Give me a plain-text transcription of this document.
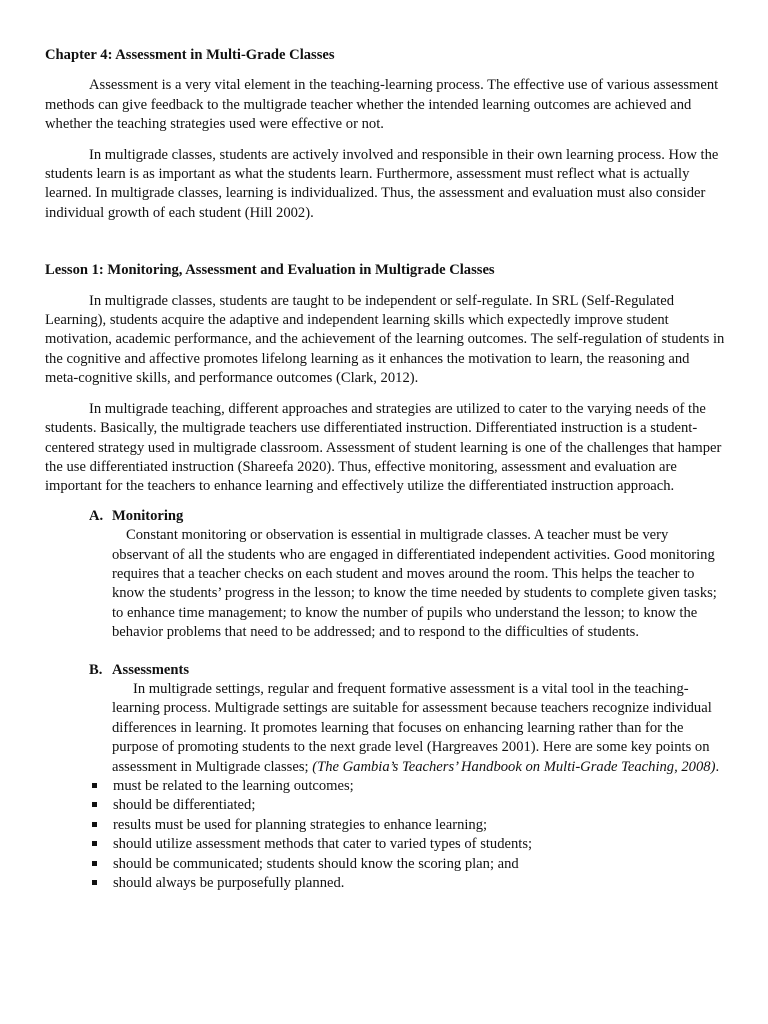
Chapter 4: Assessment in Multi-Grade Classes

Assessment is a very vital element in the teaching-learning process. The effective use of various assessment methods can give feedback to the multigrade teacher whether the intended learning outcomes are achieved and whether the teaching strategies used were effective or not.

In multigrade classes, students are actively involved and responsible in their own learning process. How the students learn is as important as what the students learn. Furthermore, assessment must reflect what is actually learned. In multigrade classes, learning is individualized. Thus, the assessment and evaluation must also consider individual growth of each student (Hill 2002).

Lesson 1: Monitoring, Assessment and Evaluation in Multigrade Classes

In multigrade classes, students are taught to be independent or self-regulate. In SRL (Self-Regulated Learning), students acquire the adaptive and independent learning skills which expectedly improve student motivation, academic performance, and the achievement of the learning outcomes. The self-regulation of students in the cognitive and affective promotes lifelong learning as it enhances the motivation to learn, the reasoning and meta-cognitive skills, and performance outcomes (Clark, 2012).

In multigrade teaching, different approaches and strategies are utilized to cater to the varying needs of the students. Basically, the multigrade teachers use differentiated instruction. Differentiated instruction is a student-centered strategy used in multigrade classroom. Assessment of student learning is one of the challenges that hamper the use differentiated instruction (Shareefa 2020). Thus, effective monitoring, assessment and evaluation are important for the teachers to enhance learning and effectively utilize the differentiated instruction approach.

A. Monitoring

Constant monitoring or observation is essential in multigrade classes. A teacher must be very observant of all the students who are engaged in differentiated independent activities. Good monitoring requires that a teacher checks on each student and moves around the room. This helps the teacher to know the students’ progress in the lesson; to know the time needed by students to complete given tasks; to enhance time management; to know the number of pupils who understand the lesson; to know the behavior problems that need to be addressed; and to respond to the difficulties of students.

B. Assessments

In multigrade settings, regular and frequent formative assessment is a vital tool in the teaching-learning process. Multigrade settings are suitable for assessment because teachers recognize individual differences in learning. It promotes learning that focuses on enhancing learning rather than for the purpose of promoting students to the next grade level (Hargreaves 2001). Here are some key points on assessment in Multigrade classes; (The Gambia’s Teachers’ Handbook on Multi-Grade Teaching, 2008).

must be related to the learning outcomes;
should be differentiated;
results must be used for planning strategies to enhance learning;
should utilize assessment methods that cater to varied types of students;
should be communicated; students should know the scoring plan; and
should always be purposefully planned.
